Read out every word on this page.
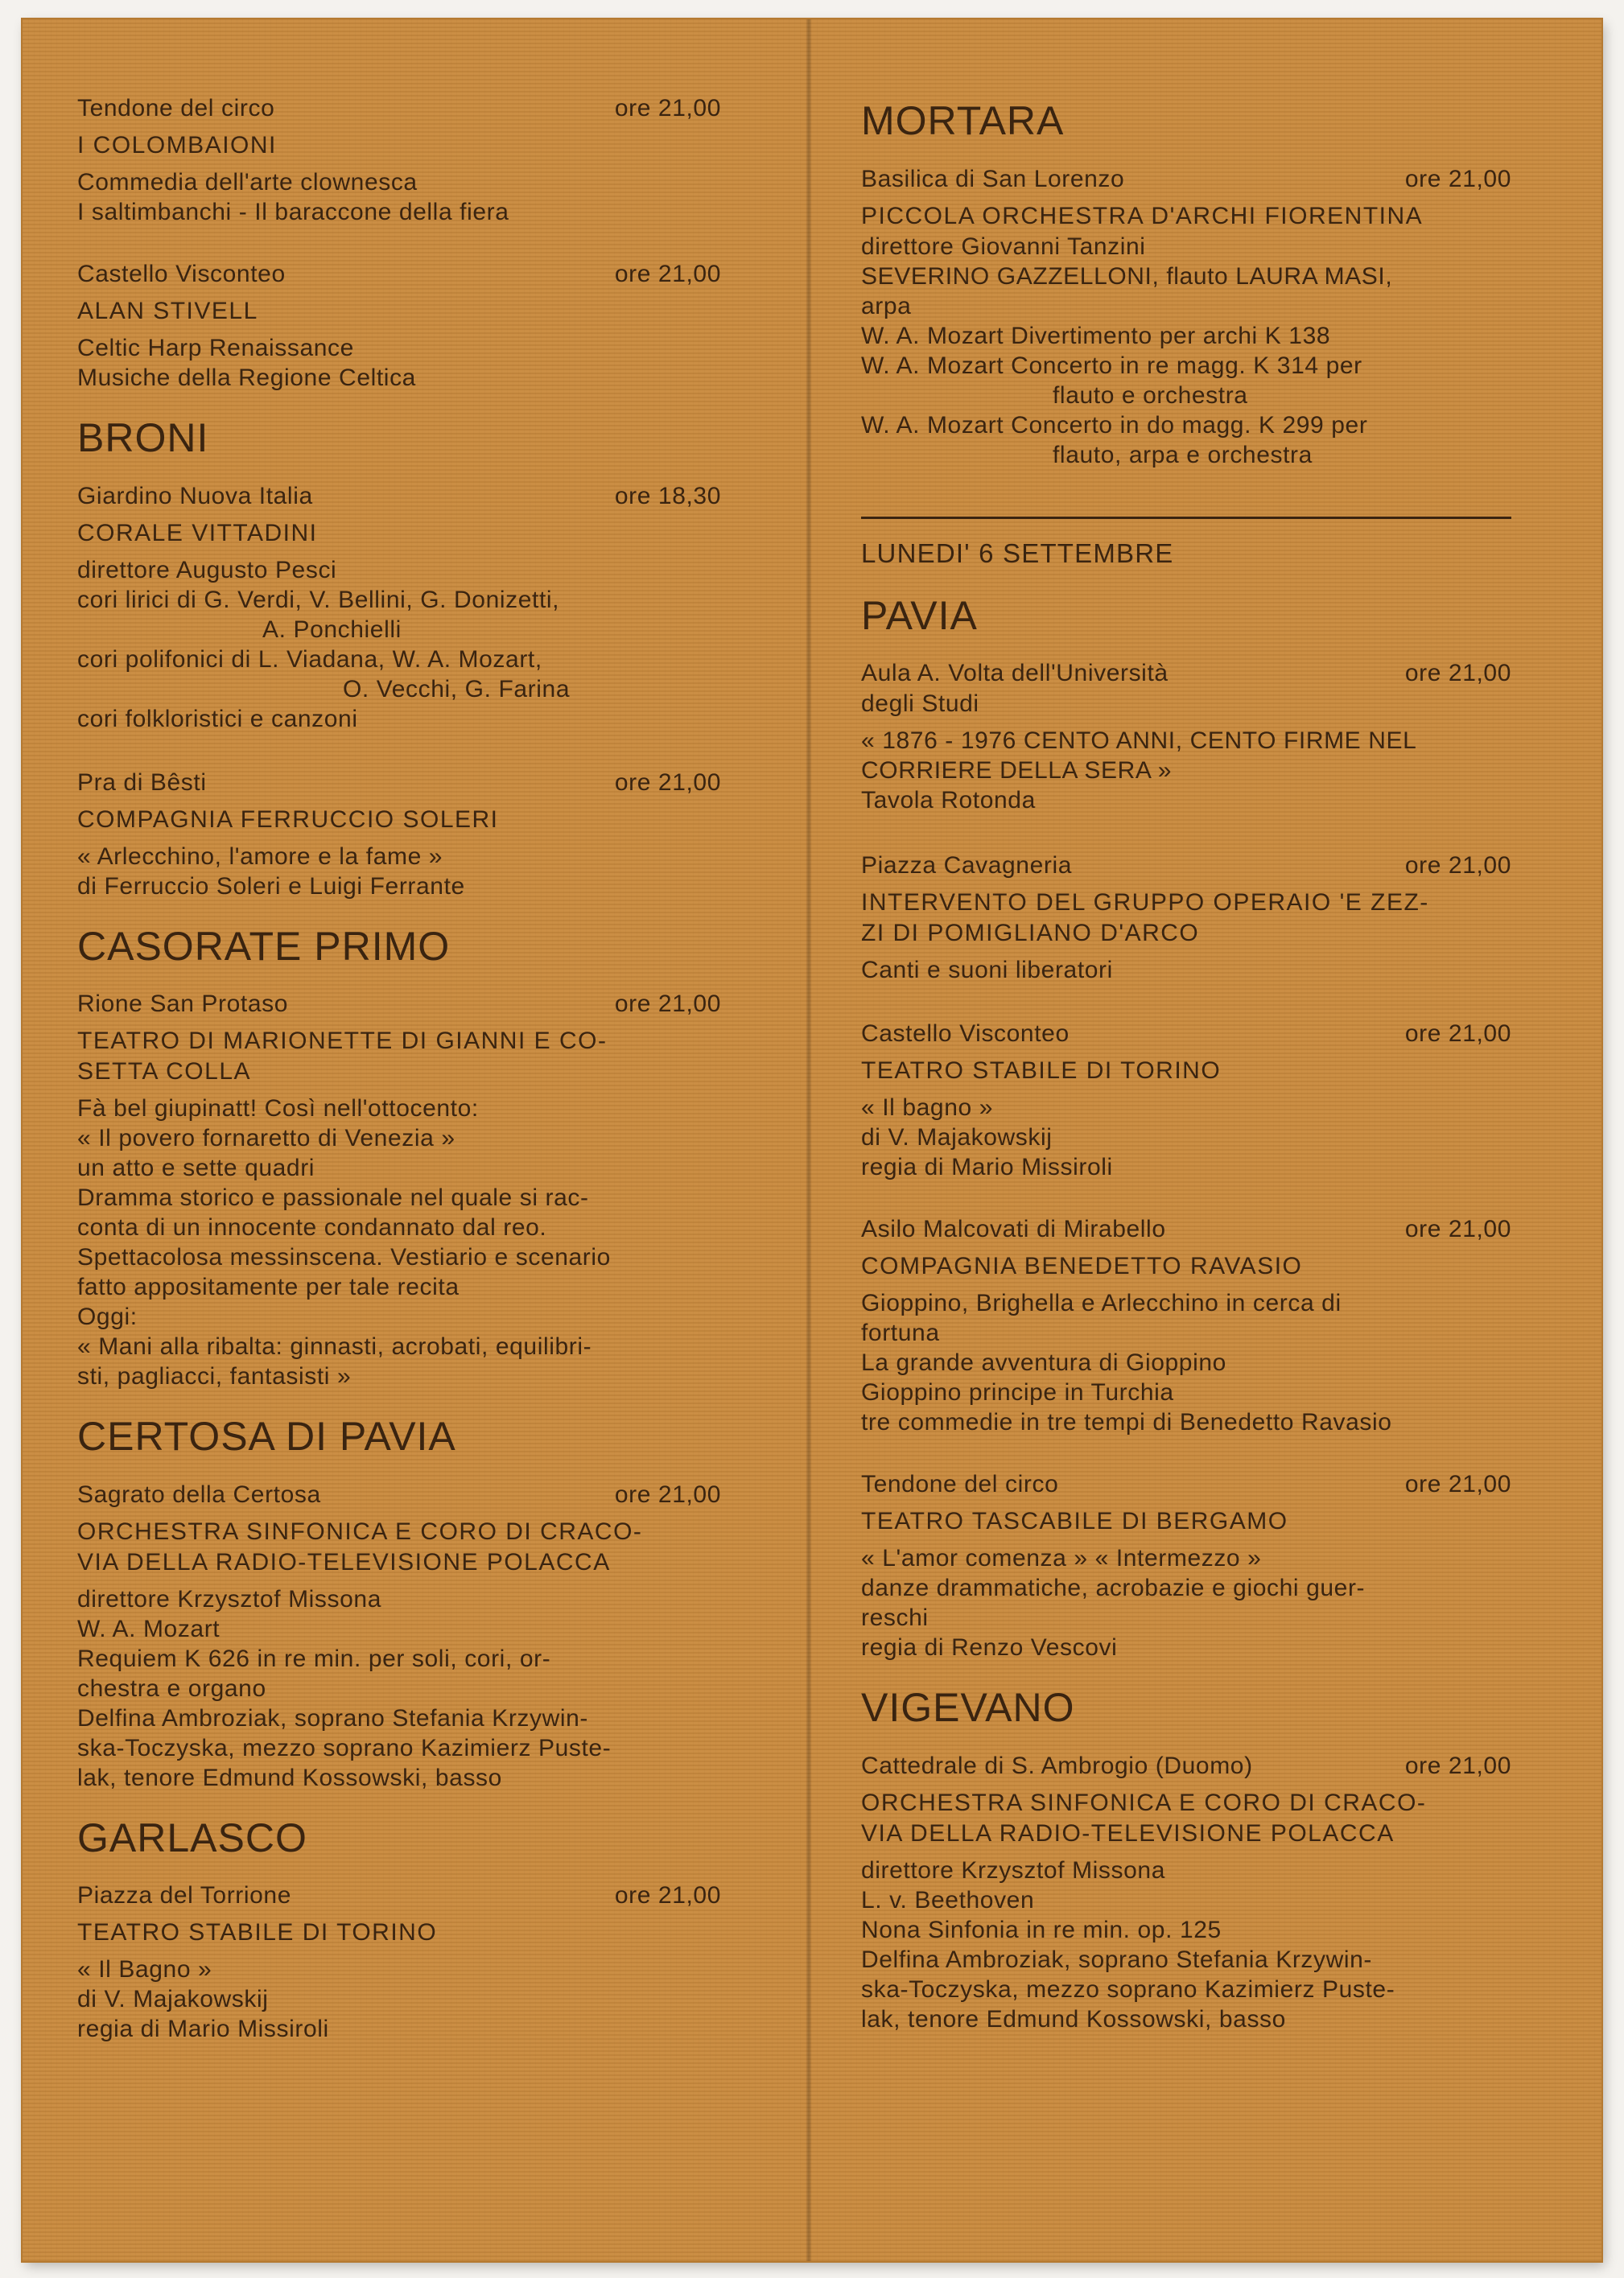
Tendone del circo	ore 21,00
I COLOMBAIONI
Commedia dell'arte clownesca
I saltimbanchi - Il baraccone della fiera
Castello Visconteo	ore 21,00
ALAN STIVELL
Celtic Harp Renaissance
Musiche della Regione Celtica
BRONI
Giardino Nuova Italia	ore 18,30
CORALE VITTADINI
direttore Augusto Pesci
cori lirici di G. Verdi, V. Bellini, G. Donizetti,
A. Ponchielli
cori polifonici di L. Viadana, W. A. Mozart,
O. Vecchi, G. Farina
cori folkloristici e canzoni
Pra di Bêsti	ore 21,00
COMPAGNIA FERRUCCIO SOLERI
« Arlecchino, l'amore e la fame »
di Ferruccio Soleri e Luigi Ferrante
CASORATE PRIMO
Rione San Protaso	ore 21,00
TEATRO DI MARIONETTE DI GIANNI E CO-
SETTA COLLA
Fà bel giupinatt! Così nell'ottocento:
« Il povero fornaretto di Venezia »
un atto e sette quadri
Dramma storico e passionale nel quale si rac-
conta di un innocente condannato dal reo.
Spettacolosa messinscena. Vestiario e scenario
fatto appositamente per tale recita
Oggi:
« Mani alla ribalta: ginnasti, acrobati, equilibri-
sti, pagliacci, fantasisti »
CERTOSA DI PAVIA
Sagrato della Certosa	ore 21,00
ORCHESTRA SINFONICA E CORO DI CRACO-
VIA DELLA RADIO-TELEVISIONE POLACCA
direttore Krzysztof Missona
W. A. Mozart
Requiem K 626 in re min. per soli, cori, or-
chestra e organo
Delfina Ambroziak, soprano Stefania Krzywin-
ska-Toczyska, mezzo soprano Kazimierz Puste-
lak, tenore Edmund Kossowski, basso
GARLASCO
Piazza del Torrione	ore 21,00
TEATRO STABILE DI TORINO
« Il Bagno »
di V. Majakowskij
regia di Mario Missiroli
MORTARA
Basilica di San Lorenzo	ore 21,00
PICCOLA ORCHESTRA D'ARCHI FIORENTINA
direttore Giovanni Tanzini
SEVERINO GAZZELLONI, flauto LAURA MASI,
arpa
W. A. Mozart Divertimento per archi K 138
W. A. Mozart Concerto in re magg. K 314 per
flauto e orchestra
W. A. Mozart Concerto in do magg. K 299 per
flauto, arpa e orchestra
LUNEDI' 6 SETTEMBRE
PAVIA
Aula A. Volta dell'Università	ore 21,00
degli Studi
« 1876 - 1976 CENTO ANNI, CENTO FIRME NEL
CORRIERE DELLA SERA »
Tavola Rotonda
Piazza Cavagneria	ore 21,00
INTERVENTO DEL GRUPPO OPERAIO 'E ZEZ-
ZI DI POMIGLIANO D'ARCO
Canti e suoni liberatori
Castello Visconteo	ore 21,00
TEATRO STABILE DI TORINO
« Il bagno »
di V. Majakowskij
regia di Mario Missiroli
Asilo Malcovati di Mirabello	ore 21,00
COMPAGNIA BENEDETTO RAVASIO
Gioppino, Brighella e Arlecchino in cerca di
fortuna
La grande avventura di Gioppino
Gioppino principe in Turchia
tre commedie in tre tempi di Benedetto Ravasio
Tendone del circo	ore 21,00
TEATRO TASCABILE DI BERGAMO
« L'amor comenza » « Intermezzo »
danze drammatiche, acrobazie e giochi guer-
reschi
regia di Renzo Vescovi
VIGEVANO
Cattedrale di S. Ambrogio (Duomo)	ore 21,00
ORCHESTRA SINFONICA E CORO DI CRACO-
VIA DELLA RADIO-TELEVISIONE POLACCA
direttore Krzysztof Missona
L. v. Beethoven
Nona Sinfonia in re min. op. 125
Delfina Ambroziak, soprano Stefania Krzywin-
ska-Toczyska, mezzo soprano Kazimierz Puste-
lak, tenore Edmund Kossowski, basso
